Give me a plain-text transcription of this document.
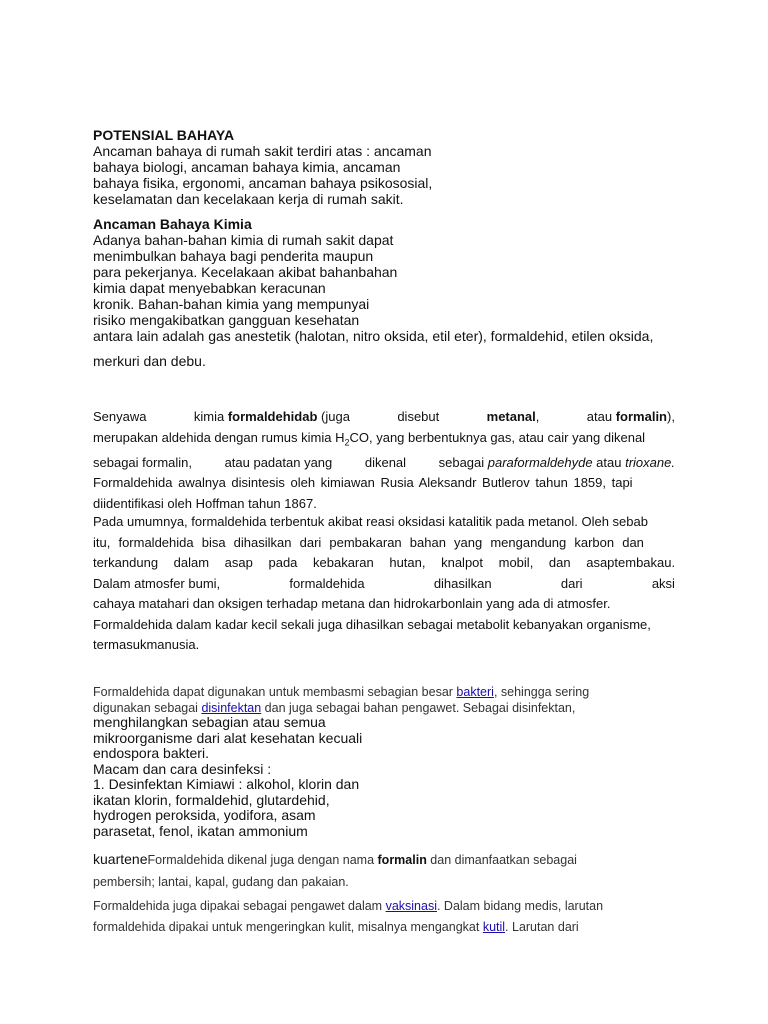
POTENSIAL BAHAYA
Ancaman bahaya di rumah sakit terdiri atas : ancaman
bahaya biologi, ancaman bahaya kimia, ancaman
bahaya fisika, ergonomi, ancaman bahaya psikososial,
keselamatan dan kecelakaan kerja di rumah sakit.
Ancaman Bahaya Kimia
Adanya bahan-bahan kimia di rumah sakit dapat
menimbulkan bahaya bagi penderita maupun
para pekerjanya. Kecelakaan akibat bahanbahan
kimia dapat menyebabkan keracunan
kronik. Bahan-bahan kimia yang mempunyai
risiko mengakibatkan gangguan kesehatan
antara lain adalah gas anestetik (halotan, nitro oksida, etil eter), formaldehid, etilen oksida,
merkuri dan debu.
Senyawa	kimia formaldehidab (juga	disebut	metanal,	atau formalin),
merupakan aldehida dengan rumus kimia $H_2CO$, yang berbentuknya gas, atau cair yang dikenal
sebagai formalin,	atau padatan yang	dikenal	sebagai paraformaldehyde atau trioxane.
Formaldehida awalnya disintesis oleh kimiawan Rusia Aleksandr Butlerov tahun 1859, tapi
diidentifikasi oleh Hoffman tahun 1867.
Pada umumnya, formaldehida terbentuk akibat reasi oksidasi katalitik pada metanol. Oleh sebab
itu, formaldehida bisa dihasilkan dari pembakaran bahan yang mengandung karbon dan
terkandung dalam asap pada kebakaran hutan, knalpot mobil, dan asaptembakau.
Dalam atmosfer bumi,	formaldehida	dihasilkan	dari	aksi
cahaya matahari dan oksigen terhadap metana dan hidrokarbonlain yang ada di atmosfer.
Formaldehida dalam kadar kecil sekali juga dihasilkan sebagai metabolit kebanyakan organisme,
termasukmanusia.
Formaldehida dapat digunakan untuk membasmi sebagian besar bakteri, sehingga sering
digunakan sebagai disinfektan dan juga sebagai bahan pengawet. Sebagai disinfektan,
menghilangkan sebagian atau semua
mikroorganisme dari alat kesehatan kecuali
endospora bakteri.
Macam dan cara desinfeksi :
1. Desinfektan Kimiawi : alkohol, klorin dan
ikatan klorin, formaldehid, glutardehid,
hydrogen peroksida, yodifora, asam
parasetat, fenol, ikatan ammonium
kuarteneFormaldehida dikenal juga dengan nama formalin dan dimanfaatkan sebagai
pembersih; lantai, kapal, gudang dan pakaian.
Formaldehida juga dipakai sebagai pengawet dalam vaksinasi. Dalam bidang medis, larutan
formaldehida dipakai untuk mengeringkan kulit, misalnya mengangkat kutil. Larutan dari
